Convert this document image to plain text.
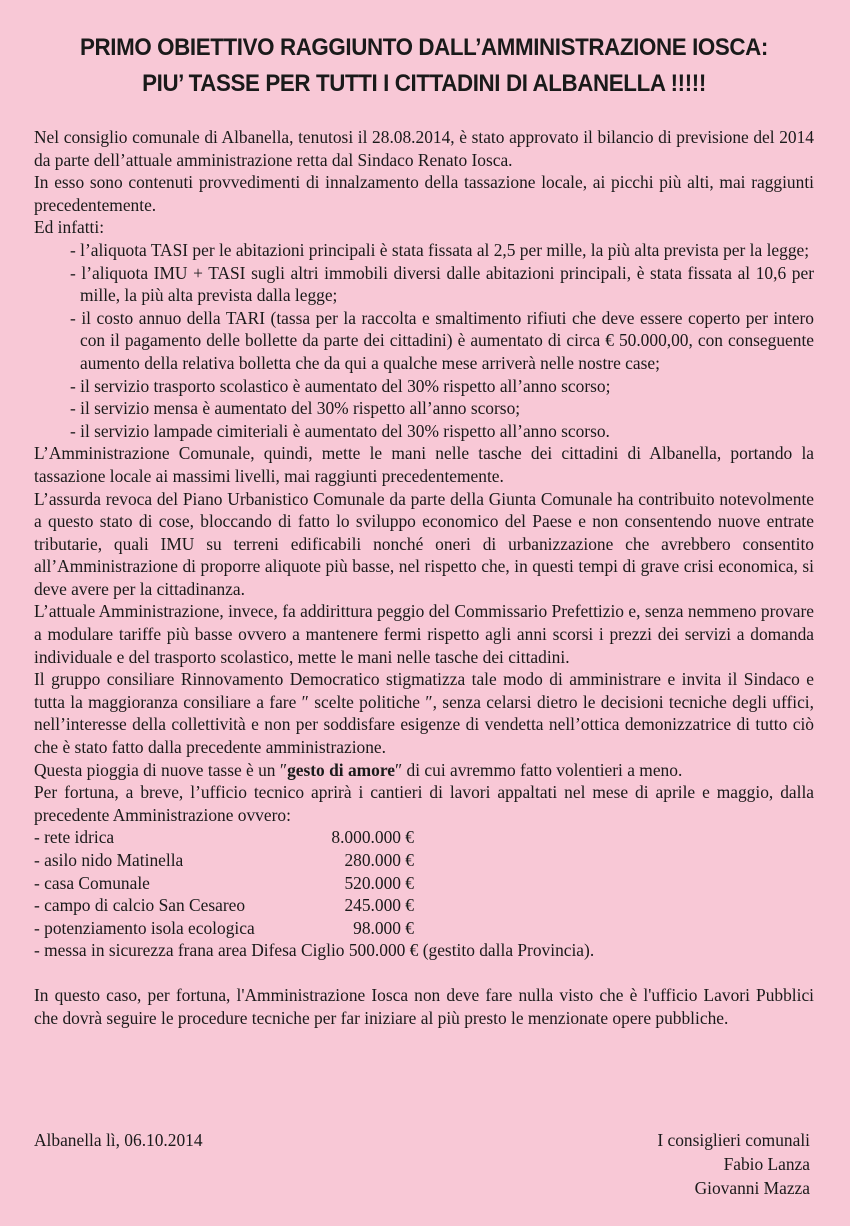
PRIMO OBIETTIVO RAGGIUNTO DALL’AMMINISTRAZIONE IOSCA:
PIU’ TASSE PER TUTTI I CITTADINI DI ALBANELLA !!!!!

Nel consiglio comunale di Albanella, tenutosi il 28.08.2014, è stato approvato il bilancio di previsione del 2014 da parte dell’attuale amministrazione retta dal Sindaco Renato Iosca.

In esso sono contenuti provvedimenti di innalzamento della tassazione locale, ai picchi più alti, mai raggiunti precedentemente.

Ed infatti:

- l’aliquota TASI per le abitazioni principali è stata fissata al 2,5 per mille, la più alta prevista per la legge;
- l’aliquota IMU + TASI sugli altri immobili diversi dalle abitazioni principali, è stata fissata al 10,6 per mille, la più alta prevista dalla legge;
- il costo annuo della TARI (tassa per la raccolta e smaltimento rifiuti che deve essere coperto per intero con il pagamento delle bollette da parte dei cittadini) è aumentato di circa € 50.000,00, con conseguente aumento della relativa bolletta che da qui a qualche mese arriverà nelle nostre case;
- il servizio trasporto scolastico è aumentato del 30% rispetto all’anno scorso;
- il servizio mensa è aumentato del 30% rispetto all’anno scorso;
- il servizio lampade cimiteriali è aumentato del 30% rispetto all’anno scorso.

L’Amministrazione Comunale, quindi, mette le mani nelle tasche dei cittadini di Albanella, portando la tassazione locale ai massimi livelli, mai raggiunti precedentemente.

L’assurda revoca del Piano Urbanistico Comunale da parte della Giunta Comunale ha contribuito notevolmente a questo stato di cose, bloccando di fatto lo sviluppo economico del Paese e non consentendo nuove entrate tributarie, quali IMU su terreni edificabili nonché oneri di urbanizzazione che avrebbero consentito all’Amministrazione di proporre aliquote più basse, nel rispetto che, in questi tempi di grave crisi economica, si deve avere per la cittadinanza.

L’attuale Amministrazione, invece, fa addirittura peggio del Commissario Prefettizio e, senza nemmeno provare a modulare tariffe più basse ovvero a mantenere fermi rispetto agli anni scorsi i prezzi dei servizi a domanda individuale e del trasporto scolastico, mette le mani nelle tasche dei cittadini.

Il gruppo consiliare Rinnovamento Democratico stigmatizza tale modo di amministrare e invita il Sindaco e tutta la maggioranza consiliare a fare ″ scelte politiche ″, senza celarsi dietro le decisioni tecniche degli uffici, nell’interesse della collettività e non per soddisfare esigenze di vendetta nell’ottica demonizzatrice di tutto ciò che è stato fatto dalla precedente amministrazione.

Questa pioggia di nuove tasse è un ″gesto di amore″ di cui avremmo fatto volentieri a meno.

Per fortuna, a breve, l’ufficio tecnico aprirà i cantieri di lavori appaltati nel mese di aprile e maggio, dalla precedente Amministrazione ovvero:

- rete idrica	8.000.000 €
- asilo nido Matinella	280.000 €
- casa Comunale	520.000 €
- campo di calcio San Cesareo	245.000 €
- potenziamento isola ecologica	98.000 €

- messa in sicurezza frana area Difesa Ciglio 500.000 € (gestito dalla Provincia).

In questo caso, per fortuna, l'Amministrazione Iosca non deve fare nulla visto che è l'ufficio Lavori Pubblici che dovrà seguire le procedure tecniche per far iniziare al più presto le menzionate opere pubbliche.

Albanella lì, 06.10.2014	I consiglieri comunali
Fabio Lanza
Giovanni Mazza
